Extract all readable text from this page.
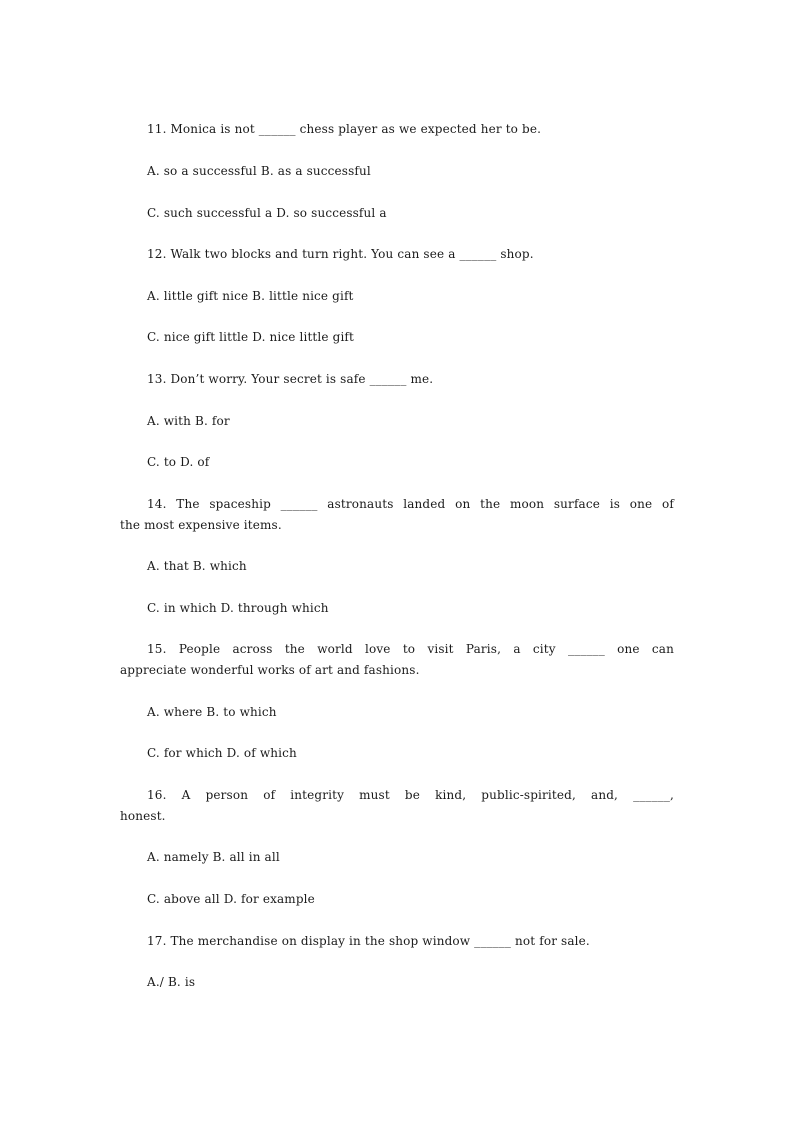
11. Monica is not ______ chess player as we expected her to be.
A. so a successful B. as a successful
C. such successful a D. so successful a
12. Walk two blocks and turn right. You can see a ______ shop.
A. little gift nice B. little nice gift
C. nice gift little D. nice little gift
13. Don’t worry. Your secret is safe ______ me.
A. with B. for
C. to D. of
14. The spaceship ______ astronauts landed on the moon surface is one of
the most expensive items.
A. that B. which
C. in which D. through which
15. People across the world love to visit Paris, a city ______ one can
appreciate wonderful works of art and fashions.
A. where B. to which
C. for which D. of which
16. A person of integrity must be kind, public-spirited, and, ______,
honest.
A. namely B. all in all
C. above all D. for example
17. The merchandise on display in the shop window ______ not for sale.
A./ B. is
